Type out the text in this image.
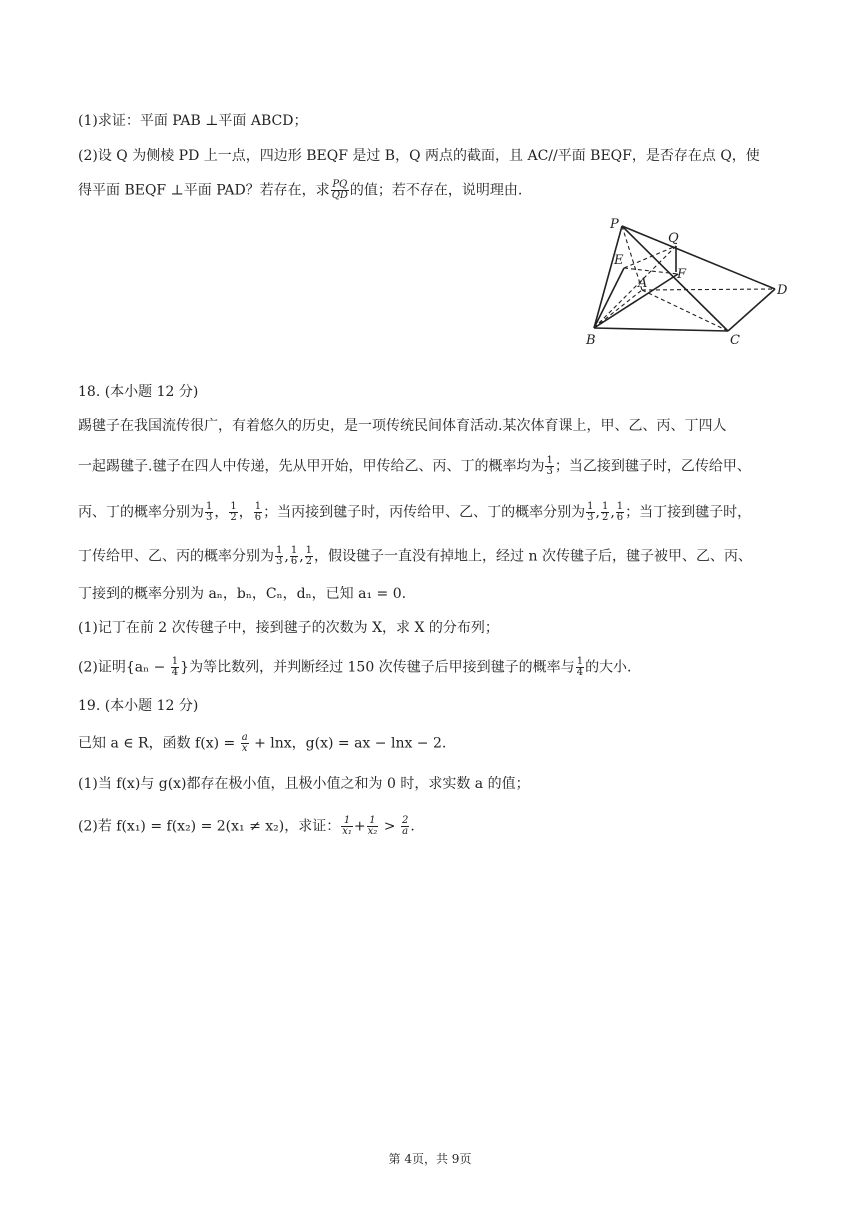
(1)求证：平面 PAB ⊥平面 ABCD；
(2)设 Q 为侧棱 PD 上一点，四边形 BEQF 是过 B，Q 两点的截面，且 AC//平面 BEQF，是否存在点 Q，使
得平面 BEQF ⊥平面 PAD？若存在，求 $\frac{PQ}{QD}$ 的值；若不存在，说明理由.
P
Q
E
A
F
D
B	C
18. (本小题 12 分)
踢毽子在我国流传很广，有着悠久的历史，是一项传统民间体育活动.某次体育课上，甲、乙、丙、丁四人
一起踢毽子.毽子在四人中传递，先从甲开始，甲传给乙、丙、丁的概率均为 $\frac{1}{3}$ ；当乙接到毽子时，乙传给甲、
丙、丁的概率分别为 $\frac{1}{3}$ ， $\frac{1}{2}$ ， $\frac{1}{6}$ ；当丙接到毽子时，丙传给甲、乙、丁的概率分别为 $\frac{1}{3}$ , $\frac{1}{2}$ , $\frac{1}{6}$ ；当丁接到毽子时，
丁传给甲、乙、丙的概率分别为 $\frac{1}{3}$ , $\frac{1}{6}$ , $\frac{1}{2}$ ，假设毽子一直没有掉地上，经过 n 次传毽子后，毽子被甲、乙、丙、
丁接到的概率分别为 aₙ，bₙ，Cₙ，dₙ，已知 a₁ = 0.
(1)记丁在前 2 次传毽子中，接到毽子的次数为 X，求 X 的分布列；
(2)证明{$a_n - \frac{1}{4}$ }为等比数列，并判断经过 150 次传毽子后甲接到毽子的概率与 $\frac{1}{4}$ 的大小.
19. (本小题 12 分)
已知 a ∈ R，函数 $f(x) = \frac{a}{x} + \ln x$，g(x) = ax − lnx − 2.
(1)当 f(x)与 g(x)都存在极小值，且极小值之和为 0 时，求实数 a 的值；
(2)若 f(x₁) = f(x₂) = 2(x₁ ≠ x₂)，求证： $\frac{1}{\text{x₁}} + \frac{1}{\text{x₂}} > \frac{2}{a}$ .
第 4页，共 9页
